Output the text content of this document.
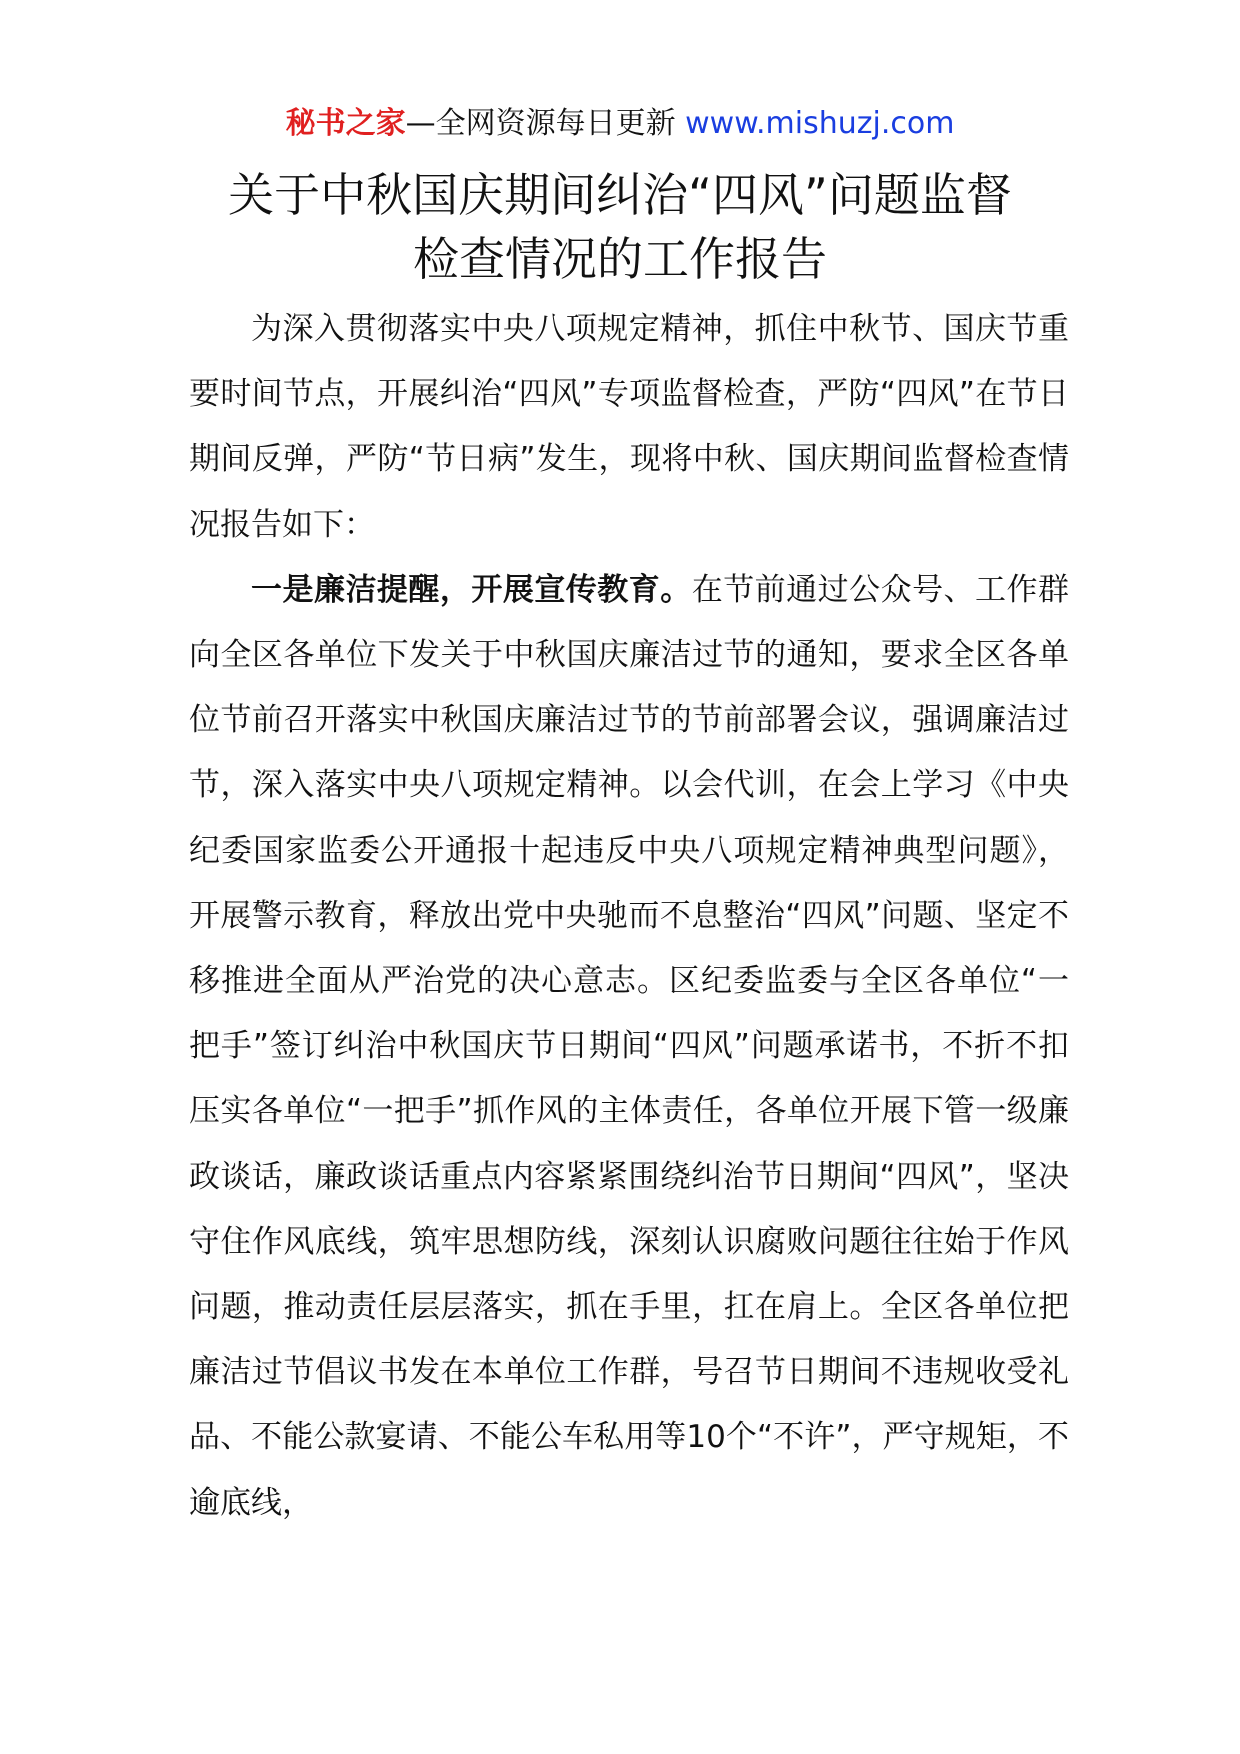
秘书之家—全网资源每日更新 www.mishuzj.com
关于中秋国庆期间纠治“四风”问题监督
检查情况的工作报告

为深入贯彻落实中央八项规定精神，抓住中秋节、国庆节重要时间节点，开展纠治“四风”专项监督检查，严防“四风”在节日期间反弹，严防“节日病”发生，现将中秋、国庆期间监督检查情况报告如下：

一是廉洁提醒，开展宣传教育。在节前通过公众号、工作群向全区各单位下发关于中秋国庆廉洁过节的通知，要求全区各单位节前召开落实中秋国庆廉洁过节的节前部署会议，强调廉洁过节，深入落实中央八项规定精神。以会代训，在会上学习《中央纪委国家监委公开通报十起违反中央八项规定精神典型问题》，开展警示教育，释放出党中央驰而不息整治“四风”问题、坚定不移推进全面从严治党的决心意志。区纪委监委与全区各单位“一把手”签订纠治中秋国庆节日期间“四风”问题承诺书，不折不扣压实各单位“一把手”抓作风的主体责任，各单位开展下管一级廉政谈话，廉政谈话重点内容紧紧围绕纠治节日期间“四风”，坚决守住作风底线，筑牢思想防线，深刻认识腐败问题往往始于作风问题，推动责任层层落实，抓在手里，扛在肩上。全区各单位把廉洁过节倡议书发在本单位工作群，号召节日期间不违规收受礼品、不能公款宴请、不能公车私用等10个“不许”，严守规矩，不逾底线，
